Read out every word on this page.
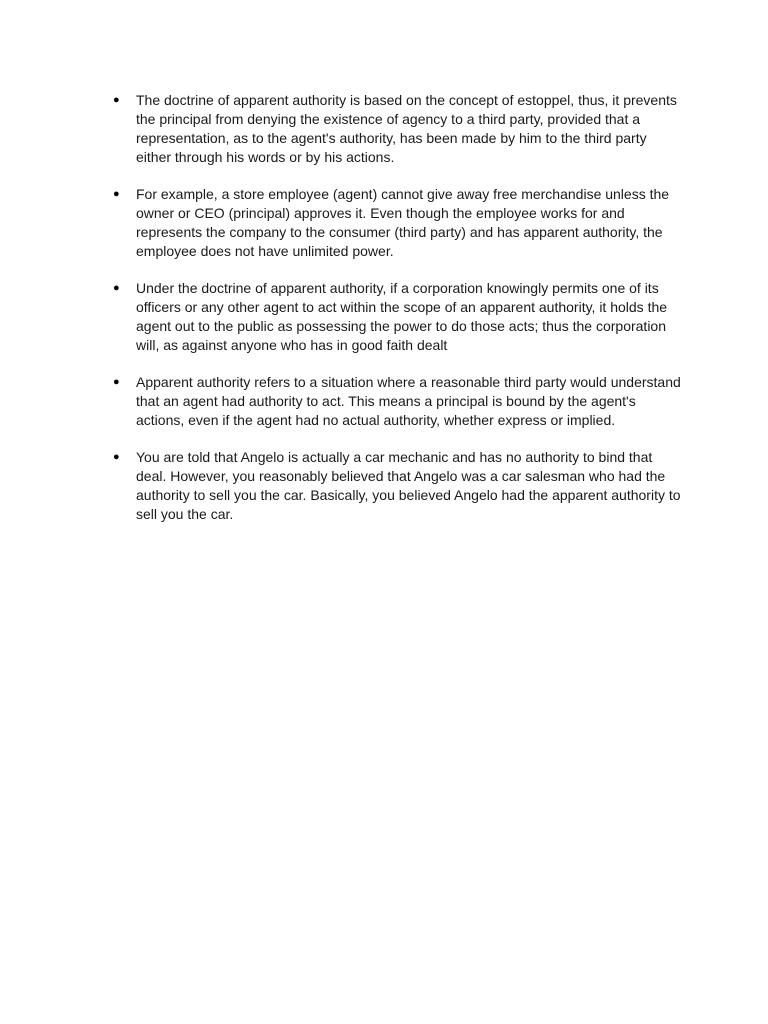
● The doctrine of apparent authority is based on the concept of estoppel, thus, it prevents the principal from denying the existence of agency to a third party, provided that a representation, as to the agent's authority, has been made by him to the third party either through his words or by his actions.
● For example, a store employee (agent) cannot give away free merchandise unless the owner or CEO (principal) approves it. Even though the employee works for and represents the company to the consumer (third party) and has apparent authority, the employee does not have unlimited power.
● Under the doctrine of apparent authority, if a corporation knowingly permits one of its officers or any other agent to act within the scope of an apparent authority, it holds the agent out to the public as possessing the power to do those acts; thus the corporation will, as against anyone who has in good faith dealt
● Apparent authority refers to a situation where a reasonable third party would understand that an agent had authority to act. This means a principal is bound by the agent's actions, even if the agent had no actual authority, whether express or implied.
● You are told that Angelo is actually a car mechanic and has no authority to bind that deal. However, you reasonably believed that Angelo was a car salesman who had the authority to sell you the car. Basically, you believed Angelo had the apparent authority to sell you the car.
